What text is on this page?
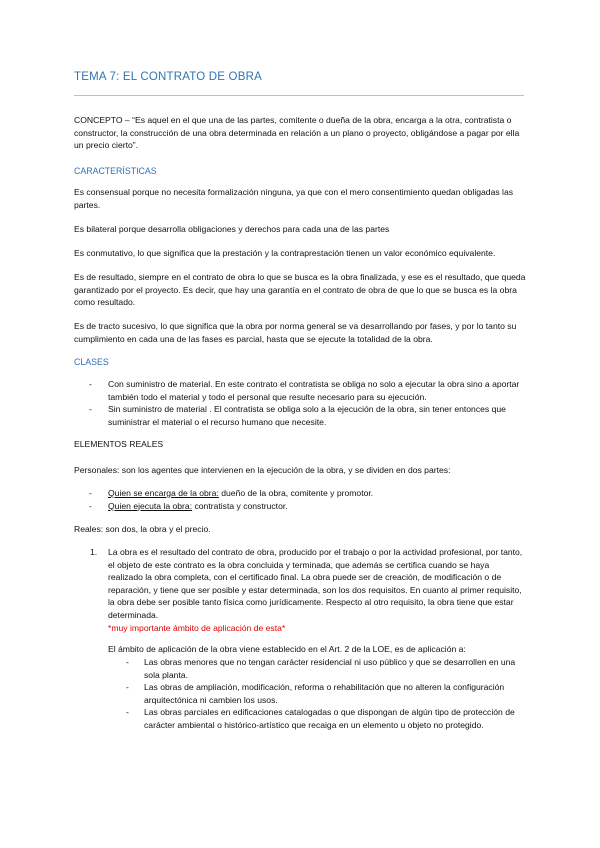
TEMA 7: EL CONTRATO DE OBRA
CONCEPTO – “Es aquel en el que una de las partes, comitente o dueña de la obra, encarga a la otra, contratista o constructor, la construcción de una obra determinada en relación a un plano o proyecto, obligándose a pagar por ella un precio cierto”.
CARACTERÍSTICAS
Es consensual porque no necesita formalización ninguna, ya que con el mero consentimiento quedan obligadas las partes.
Es bilateral porque desarrolla obligaciones y derechos para cada una de las partes
Es conmutativo, lo que significa que la prestación y la contraprestación tienen un valor económico equivalente.
Es de resultado, siempre en el contrato de obra lo que se busca es la obra finalizada, y ese es el resultado, que queda garantizado por el proyecto. Es decir, que hay una garantía en el contrato de obra de que lo que se busca es la obra como resultado.
Es de tracto sucesivo, lo que significa que la obra por norma general se va desarrollando por fases, y por lo tanto su cumplimiento en cada una de las fases es parcial, hasta que se ejecute la totalidad de la obra.
CLASES
- Con suministro de material. En este contrato el contratista se obliga no solo a ejecutar la obra sino a aportar también todo el material y todo el personal que resulte necesario para su ejecución.
- Sin suministro de material . El contratista se obliga solo a la ejecución de la obra, sin tener entonces que suministrar el material o el recurso humano que necesite.
ELEMENTOS REALES
Personales: son los agentes que intervienen en la ejecución de la obra, y se dividen en dos partes:
- Quien se encarga de la obra: dueño de la obra, comitente y promotor.
- Quien ejecuta la obra: contratista y constructor.
Reales: son dos, la obra y el precio.
1. La obra es el resultado del contrato de obra, producido por el trabajo o por la actividad profesional, por tanto, el objeto de este contrato es la obra concluida y terminada, que además se certifica cuando se haya realizado la obra completa, con el certificado final. La obra puede ser de creación, de modificación o de reparación, y tiene que ser posible y estar determinada, son los dos requisitos. En cuanto al primer requisito, la obra debe ser posible tanto física como jurídicamente. Respecto al otro requisito, la obra tiene que estar determinada.
*muy importante ámbito de aplicación de esta*
El ámbito de aplicación de la obra viene establecido en el Art. 2 de la LOE, es de aplicación a:
- Las obras menores que no tengan carácter residencial ni uso público y que se desarrollen en una sola planta.
- Las obras de ampliación, modificación, reforma o rehabilitación que no alteren la configuración arquitectónica ni cambien los usos.
- Las obras parciales en edificaciones catalogadas o que dispongan de algún tipo de protección de carácter ambiental o histórico-artístico que recaiga en un elemento u objeto no protegido.
